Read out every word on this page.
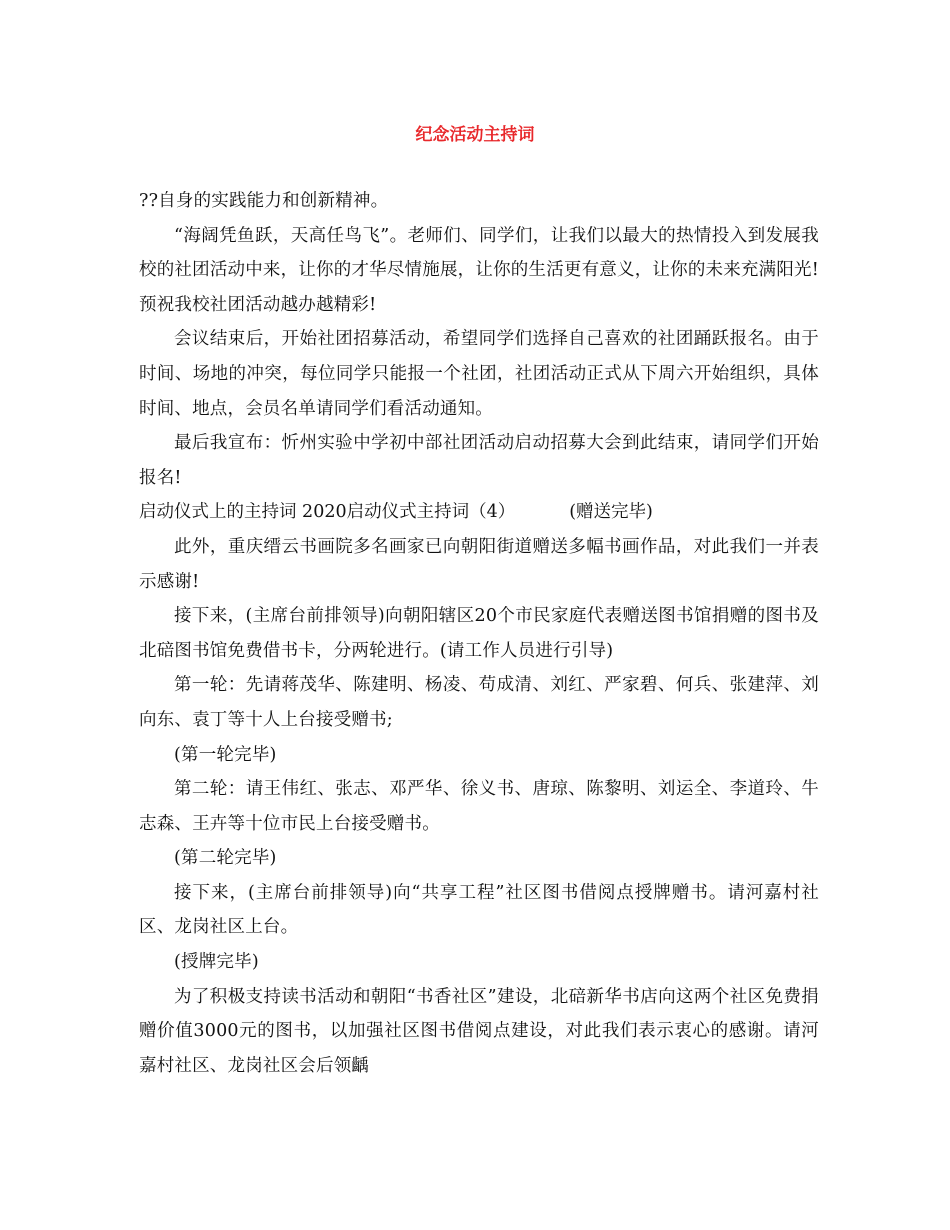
纪念活动主持词

??自身的实践能力和创新精神。

“海阔凭鱼跃，天高任鸟飞”。老师们、同学们，让我们以最大的热情投入到发展我校的社团活动中来，让你的才华尽情施展，让你的生活更有意义，让你的未来充满阳光!预祝我校社团活动越办越精彩!

会议结束后，开始社团招募活动，希望同学们选择自己喜欢的社团踊跃报名。由于时间、场地的冲突，每位同学只能报一个社团，社团活动正式从下周六开始组织，具体时间、地点，会员名单请同学们看活动通知。

最后我宣布：忻州实验中学初中部社团活动启动招募大会到此结束，请同学们开始报名!

启动仪式上的主持词 2020启动仪式主持词（4）	(赠送完毕)

此外，重庆缙云书画院多名画家已向朝阳街道赠送多幅书画作品，对此我们一并表示感谢!

接下来，(主席台前排领导)向朝阳辖区20个市民家庭代表赠送图书馆捐赠的图书及北碚图书馆免费借书卡，分两轮进行。(请工作人员进行引导)

第一轮：先请蒋茂华、陈建明、杨凌、苟成清、刘红、严家碧、何兵、张建萍、刘向东、袁丁等十人上台接受赠书;

(第一轮完毕)

第二轮：请王伟红、张志、邓严华、徐义书、唐琼、陈黎明、刘运全、李道玲、牛志森、王卉等十位市民上台接受赠书。

(第二轮完毕)

接下来，(主席台前排领导)向“共享工程”社区图书借阅点授牌赠书。请河嘉村社区、龙岗社区上台。

(授牌完毕)

为了积极支持读书活动和朝阳“书香社区”建设，北碚新华书店向这两个社区免费捐赠价值3000元的图书，以加强社区图书借阅点建设，对此我们表示衷心的感谢。请河嘉村社区、龙岗社区会后领齲
